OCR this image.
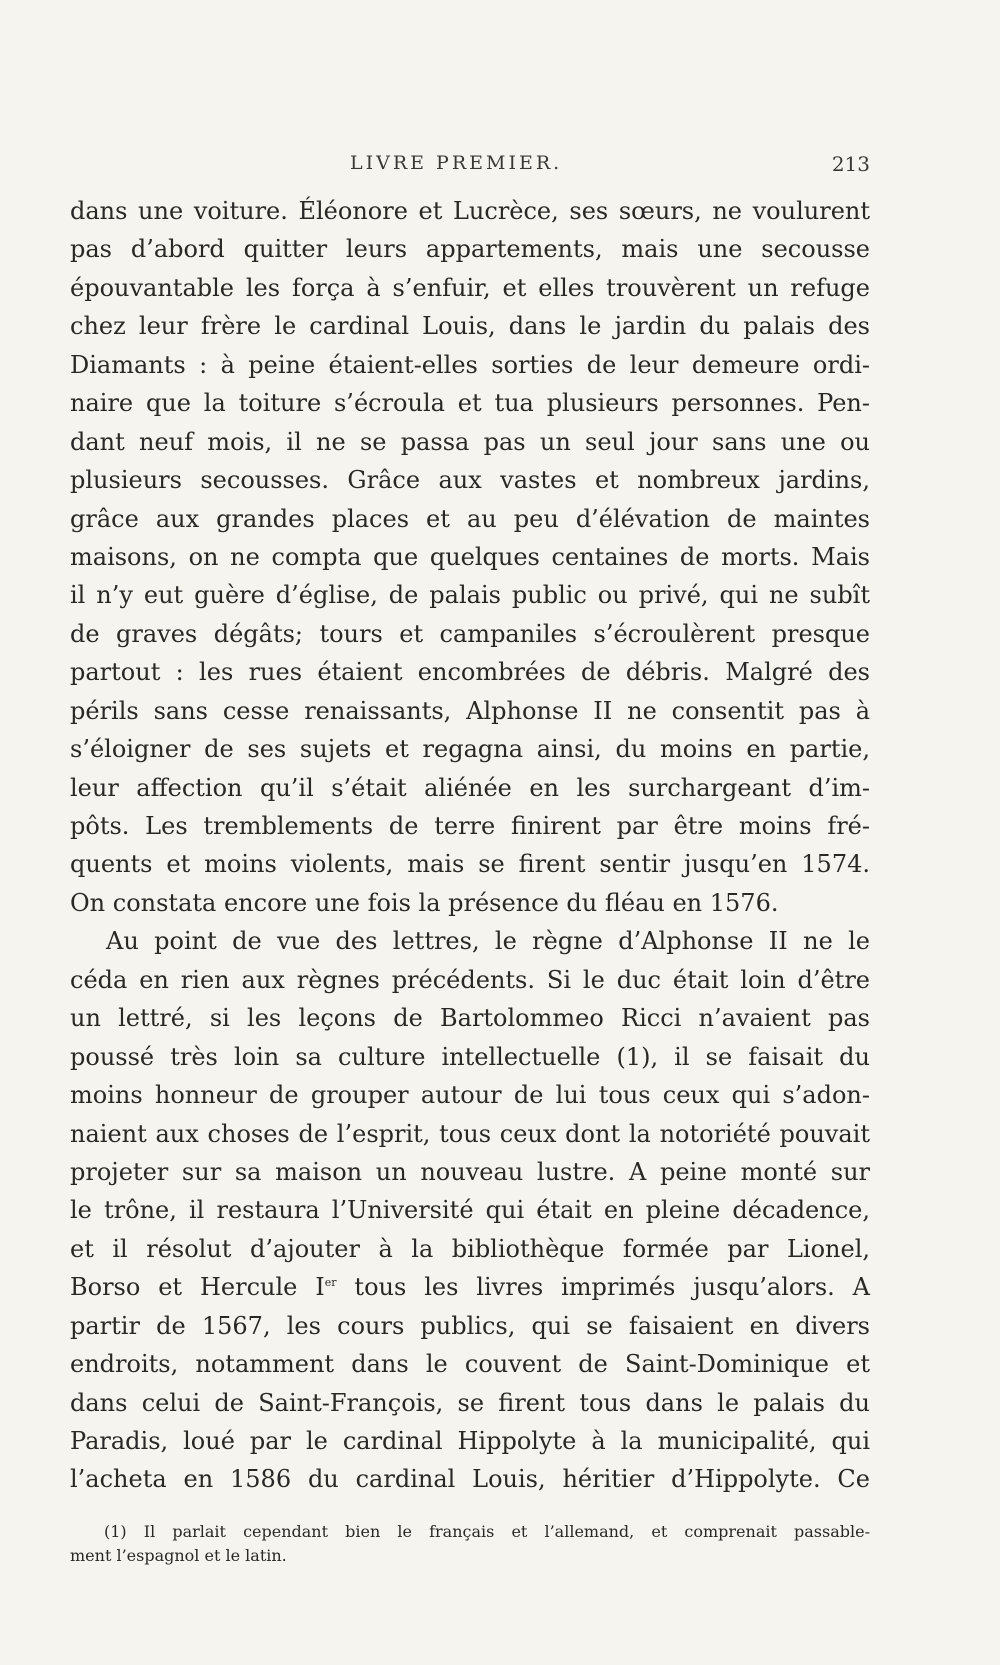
LIVRE PREMIER.	213
dans une voiture. Éléonore et Lucrèce, ses sœurs, ne voulurent
pas d’abord quitter leurs appartements, mais une secousse
épouvantable les força à s’enfuir, et elles trouvèrent un refuge
chez leur frère le cardinal Louis, dans le jardin du palais des
Diamants : à peine étaient-elles sorties de leur demeure ordi-
naire que la toiture s’écroula et tua plusieurs personnes. Pen-
dant neuf mois, il ne se passa pas un seul jour sans une ou
plusieurs secousses. Grâce aux vastes et nombreux jardins,
grâce aux grandes places et au peu d’élévation de maintes
maisons, on ne compta que quelques centaines de morts. Mais
il n’y eut guère d’église, de palais public ou privé, qui ne subît
de graves dégâts; tours et campaniles s’écroulèrent presque
partout : les rues étaient encombrées de débris. Malgré des
périls sans cesse renaissants, Alphonse II ne consentit pas à
s’éloigner de ses sujets et regagna ainsi, du moins en partie,
leur affection qu’il s’était aliénée en les surchargeant d’im-
pôts. Les tremblements de terre finirent par être moins fré-
quents et moins violents, mais se firent sentir jusqu’en 1574.
On constata encore une fois la présence du fléau en 1576.
Au point de vue des lettres, le règne d’Alphonse II ne le
céda en rien aux règnes précédents. Si le duc était loin d’être
un lettré, si les leçons de Bartolommeo Ricci n’avaient pas
poussé très loin sa culture intellectuelle (1), il se faisait du
moins honneur de grouper autour de lui tous ceux qui s’adon-
naient aux choses de l’esprit, tous ceux dont la notoriété pouvait
projeter sur sa maison un nouveau lustre. A peine monté sur
le trône, il restaura l’Université qui était en pleine décadence,
et il résolut d’ajouter à la bibliothèque formée par Lionel,
Borso et Hercule Ier tous les livres imprimés jusqu’alors. A
partir de 1567, les cours publics, qui se faisaient en divers
endroits, notamment dans le couvent de Saint-Dominique et
dans celui de Saint-François, se firent tous dans le palais du
Paradis, loué par le cardinal Hippolyte à la municipalité, qui
l’acheta en 1586 du cardinal Louis, héritier d’Hippolyte. Ce
(1) Il parlait cependant bien le français et l’allemand, et comprenait passable-
ment l’espagnol et le latin.
